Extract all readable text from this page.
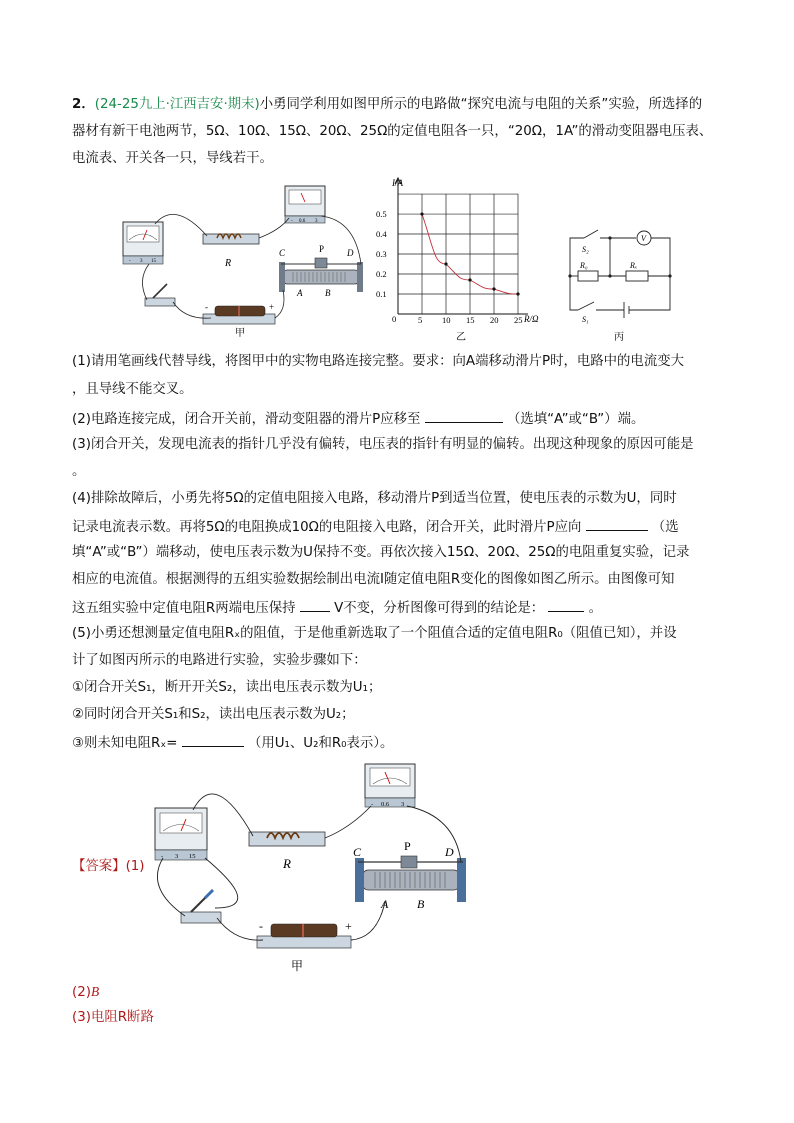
2．(24-25九上·江西吉安·期末)小勇同学利用如图甲所示的电路做“探究电流与电阻的关系”实验，所选择的
器材有新干电池两节，5Ω、10Ω、15Ω、20Ω、25Ω的定值电阻各一只，“20Ω，1A”的滑动变阻器电压表、
电流表、开关各一只，导线若干。
- 3 15	R
- 0.6 3
C	P	D
A	B
-	+
甲
5 10 15 20 25
0.1
0.2
0.3
0.4
0.5
I/A
R/Ω
0
乙
V
S₂
R₀	Rₓ
S₁
丙
(1)请用笔画线代替导线，将图甲中的实物电路连接完整。要求：向A端移动滑片P时，电路中的电流变大
，且导线不能交叉。
(2)电路连接完成，闭合开关前，滑动变阻器的滑片P应移至	（选填“A”或“B”）端。
(3)闭合开关，发现电流表的指针几乎没有偏转，电压表的指针有明显的偏转。出现这种现象的原因可能是
。
(4)排除故障后，小勇先将5Ω的定值电阻接入电路，移动滑片P到适当位置，使电压表的示数为U，同时
记录电流表示数。再将5Ω的电阻换成10Ω的电阻接入电路，闭合开关，此时滑片P应向	（选
填“A”或“B”）端移动，使电压表示数为U保持不变。再依次接入15Ω、20Ω、25Ω的电阻重复实验，记录
相应的电流值。根据测得的五组实验数据绘制出电流I随定值电阻R变化的图像如图乙所示。由图像可知
这五组实验中定值电阻R两端电压保持	V不变，分析图像可得到的结论是：	。
(5)小勇还想测量定值电阻Rₓ的阻值，于是他重新选取了一个阻值合适的定值电阻R₀（阻值已知），并设
计了如图丙所示的电路进行实验，实验步骤如下：
①闭合开关S₁，断开开关S₂，读出电压表示数为U₁；
②同时闭合开关S₁和S₂，读出电压表示数为U₂；
③则未知电阻Rₓ=	（用U₁、U₂和R₀表示）。
【答案】(1)
- 0.6 3
- 3 15	R
C	P	D
A B
-	+
甲
(2)B
(3)电阻R断路
